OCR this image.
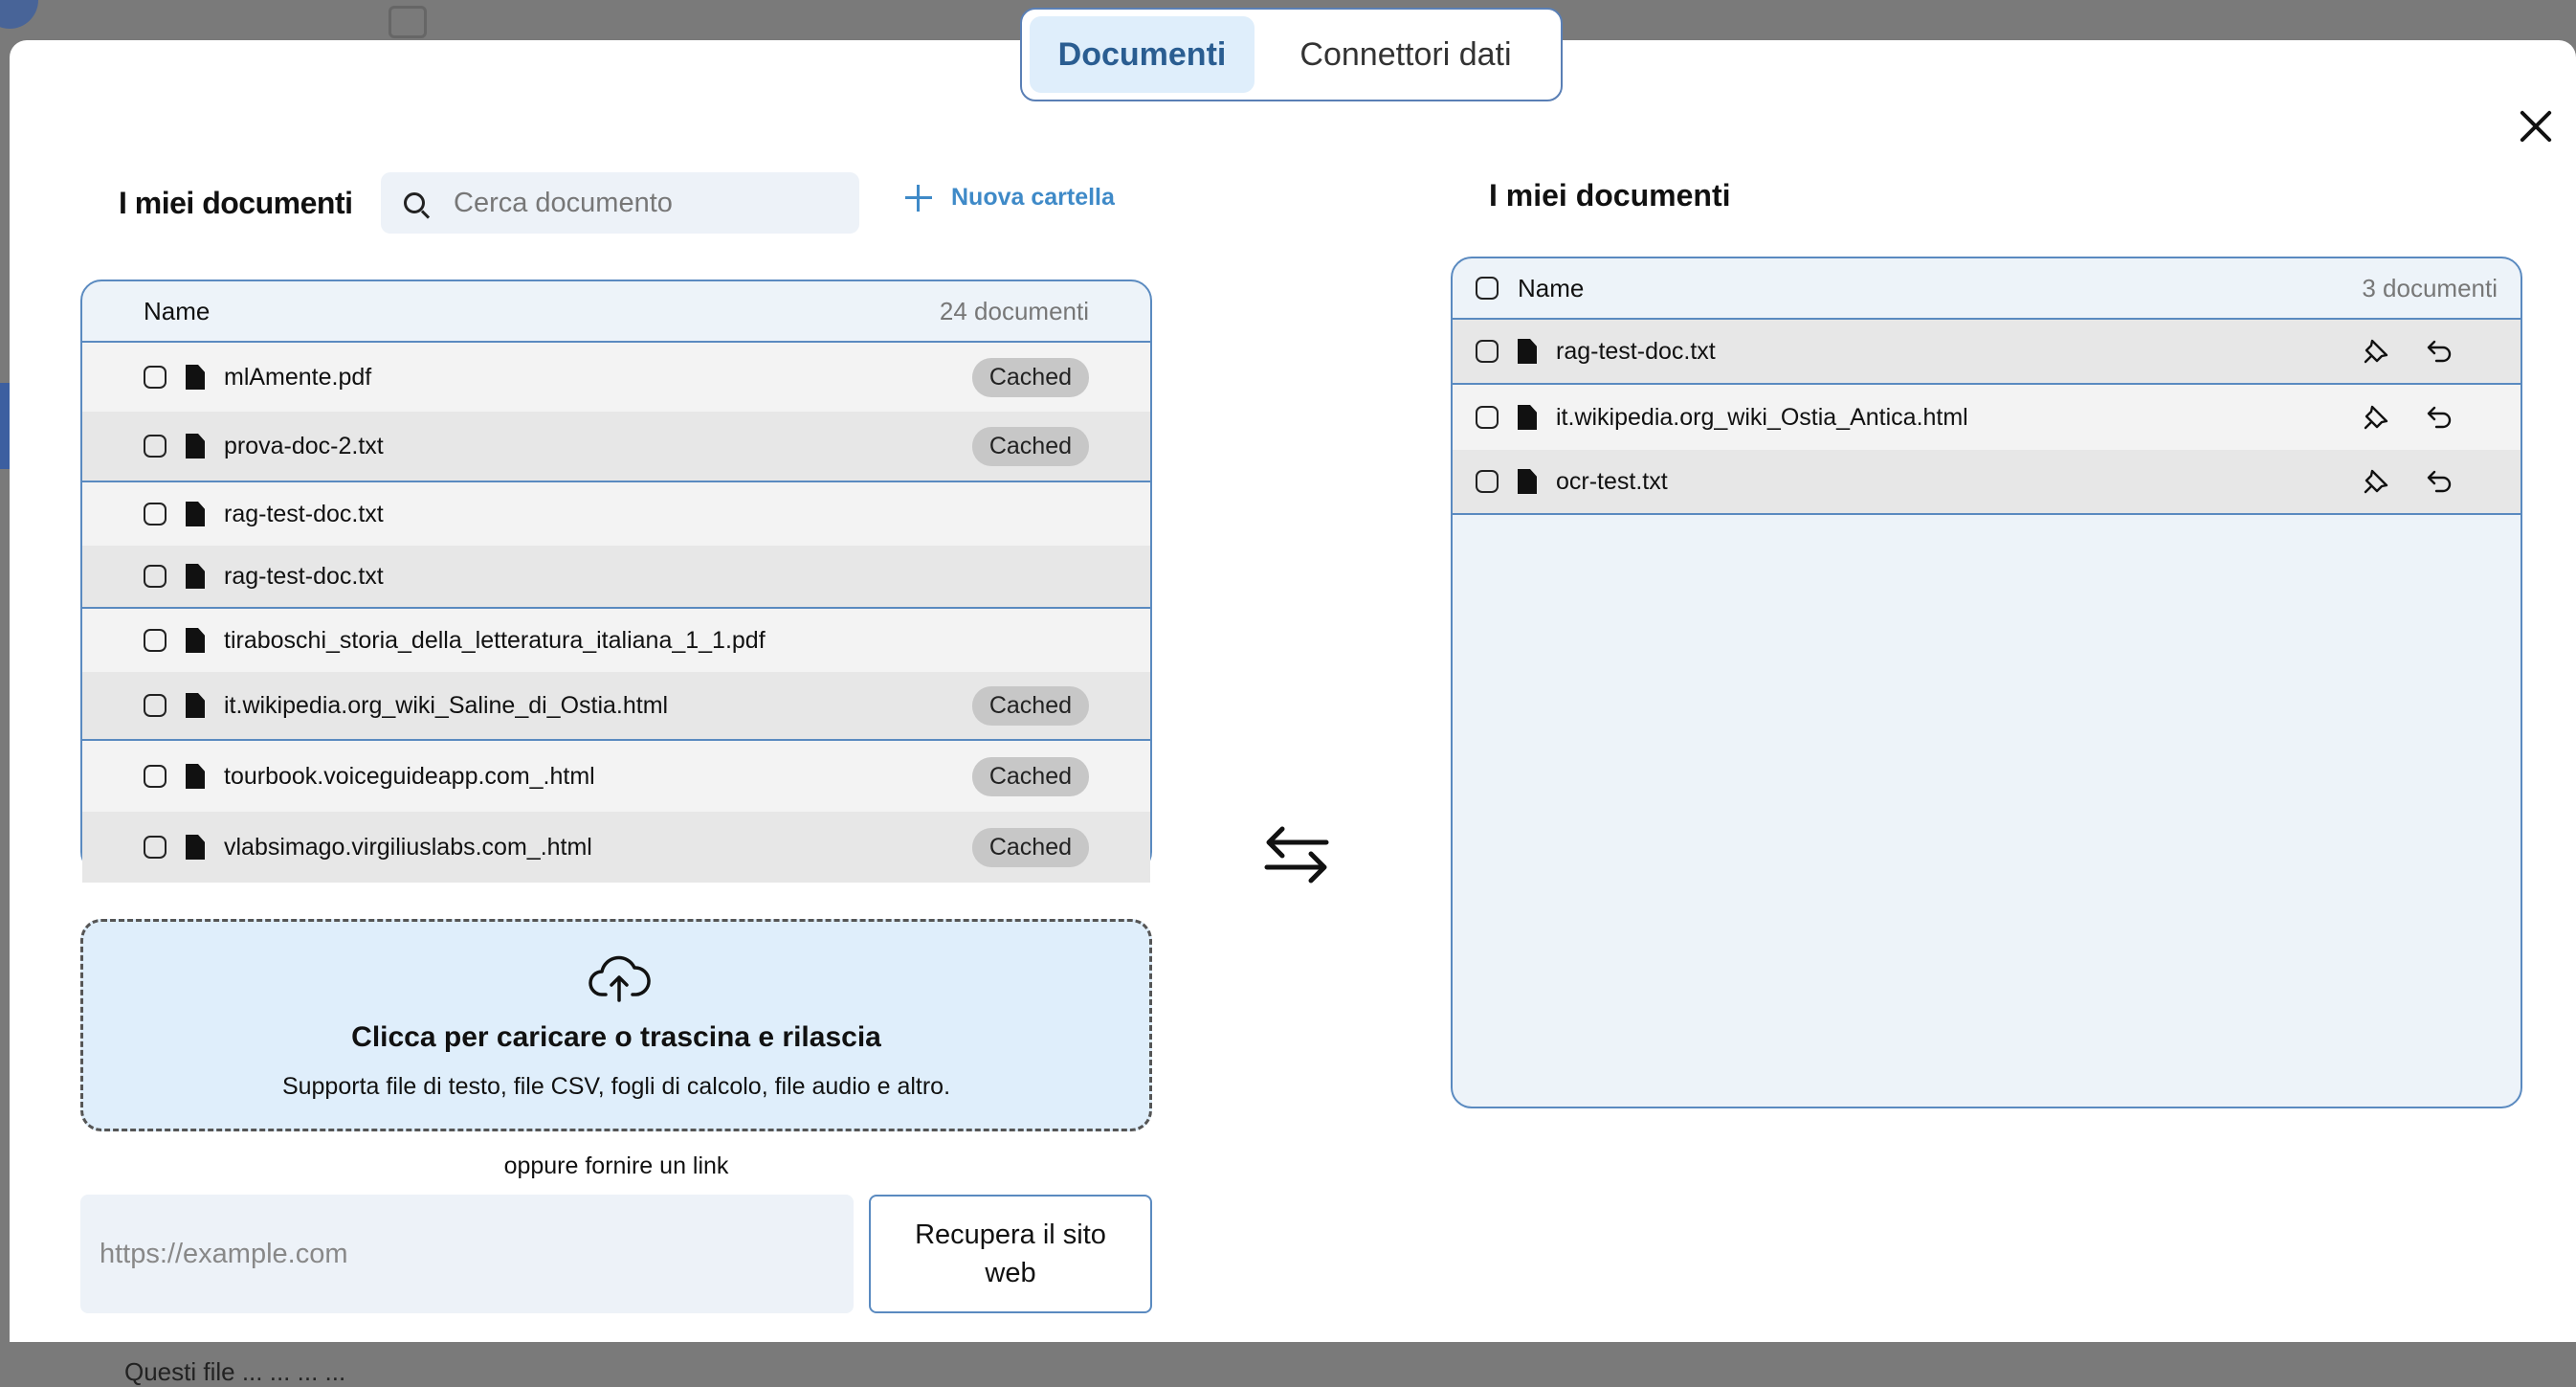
I miei documenti
Cerca documento	Nuova cartella
Name	24 documenti
mlAmente.pdf	Cached
prova-doc-2.txt	Cached
rag-test-doc.txt
rag-test-doc.txt
tiraboschi_storia_della_letteratura_italiana_1_1.pdf
it.wikipedia.org_wiki_Saline_di_Ostia.html	Cached
tourbook.voiceguideapp.com_.html	Cached
vlabsimago.virgiliuslabs.com_.html	Cached
I miei documenti
Name	3 documenti
rag-test-doc.txt
it.wikipedia.org_wiki_Ostia_Antica.html
ocr-test.txt
Clicca per caricare o trascina e rilascia
Supporta file di testo, file CSV, fogli di calcolo, file audio e altro.
oppure fornire un link
https://example.com
Recupera il sito web
Questi file ... ... ... ...
Documenti	Connettori dati
